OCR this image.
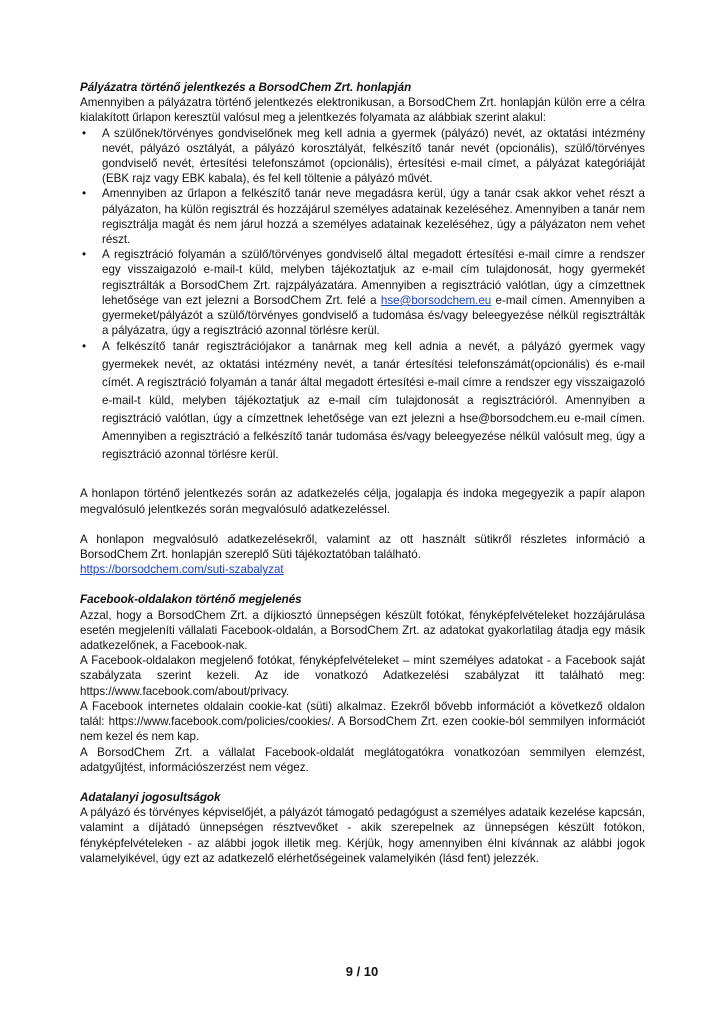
Pályázatra történő jelentkezés a BorsodChem Zrt. honlapján

Amennyiben a pályázatra történő jelentkezés elektronikusan, a BorsodChem Zrt. honlapján külön erre a célra kialakított űrlapon keresztül valósul meg a jelentkezés folyamata az alábbiak szerint alakul:

•	A szülőnek/törvényes gondviselőnek meg kell adnia a gyermek (pályázó) nevét, az oktatási intézmény nevét, pályázó osztályát, a pályázó korosztályát, felkészítő tanár nevét (opcionális), szülő/törvényes gondviselő nevét, értesítési telefonszámot (opcionális), értesítési e-mail címet, a pályázat kategóriáját (EBK rajz vagy EBK kabala), és fel kell töltenie a pályázó művét.
•	Amennyiben az űrlapon a felkészítő tanár neve megadásra kerül, úgy a tanár csak akkor vehet részt a pályázaton, ha külön regisztrál és hozzájárul személyes adatainak kezeléséhez. Amennyiben a tanár nem regisztrálja magát és nem járul hozzá a személyes adatainak kezeléséhez, úgy a pályázaton nem vehet részt.
•	A regisztráció folyamán a szülő/törvényes gondviselő által megadott értesítési e-mail címre a rendszer egy visszaigazoló e-mail-t küld, melyben tájékoztatjuk az e-mail cím tulajdonosát, hogy gyermekét regisztrálták a BorsodChem Zrt. rajzpályázatára. Amennyiben a regisztráció valótlan, úgy a címzettnek lehetősége van ezt jelezni a BorsodChem Zrt. felé a hse@borsodchem.eu e-mail címen. Amennyiben a gyermeket/pályázót a szülő/törvényes gondviselő a tudomása és/vagy beleegyezése nélkül regisztrálták a pályázatra, úgy a regisztráció azonnal törlésre kerül.
•	A felkészítő tanár regisztrációjakor a tanárnak meg kell adnia a nevét, a pályázó gyermek vagy gyermekek nevét, az oktatási intézmény nevét, a tanár értesítési telefonszámát(opcionális) és e-mail címét. A regisztráció folyamán a tanár által megadott értesítési e-mail címre a rendszer egy visszaigazoló e-mail-t küld, melyben tájékoztatjuk az e-mail cím tulajdonosát a regisztrációról. Amennyiben a regisztráció valótlan, úgy a címzettnek lehetősége van ezt jelezni a hse@borsodchem.eu e-mail címen. Amennyiben a regisztráció a felkészítő tanár tudomása és/vagy beleegyezése nélkül valósult meg, úgy a regisztráció azonnal törlésre kerül.

A honlapon történő jelentkezés során az adatkezelés célja, jogalapja és indoka megegyezik a papír alapon megvalósuló jelentkezés során megvalósuló adatkezeléssel.

A honlapon megvalósuló adatkezelésekről, valamint az ott használt sütikről részletes információ a BorsodChem Zrt. honlapján szereplő Süti tájékoztatóban található.

https://borsodchem.com/suti-szabalyzat

Facebook-oldalakon történő megjelenés

Azzal, hogy a BorsodChem Zrt. a díjkiosztó ünnepségen készült fotókat, fényképfelvételeket hozzájárulása esetén megjeleníti vállalati Facebook-oldalán, a BorsodChem Zrt. az adatokat gyakorlatilag átadja egy másik adatkezelőnek, a Facebook-nak.

A Facebook-oldalakon megjelenő fotókat, fényképfelvételeket – mint személyes adatokat - a Facebook saját szabályzata szerint kezeli. Az ide vonatkozó Adatkezelési szabályzat itt található meg: https://www.facebook.com/about/privacy.

A Facebook internetes oldalain cookie-kat (süti) alkalmaz. Ezekről bővebb információt a következő oldalon talál: https://www.facebook.com/policies/cookies/. A BorsodChem Zrt. ezen cookie-ból semmilyen információt nem kezel és nem kap.

A BorsodChem Zrt. a vállalat Facebook-oldalát meglátogatókra vonatkozóan semmilyen elemzést, adatgyűjtést, információszerzést nem végez.

Adatalanyi jogosultságok

A pályázó és törvényes képviselőjét, a pályázót támogató pedagógust a személyes adataik kezelése kapcsán, valamint a díjátadó ünnepségen résztvevőket - akik szerepelnek az ünnepségen készült fotókon, fényképfelvételeken - az alábbi jogok illetik meg. Kérjük, hogy amennyiben élni kívánnak az alábbi jogok valamelyikével, úgy ezt az adatkezelő elérhetőségeinek valamelyikén (lásd fent) jelezzék.

9 / 10
